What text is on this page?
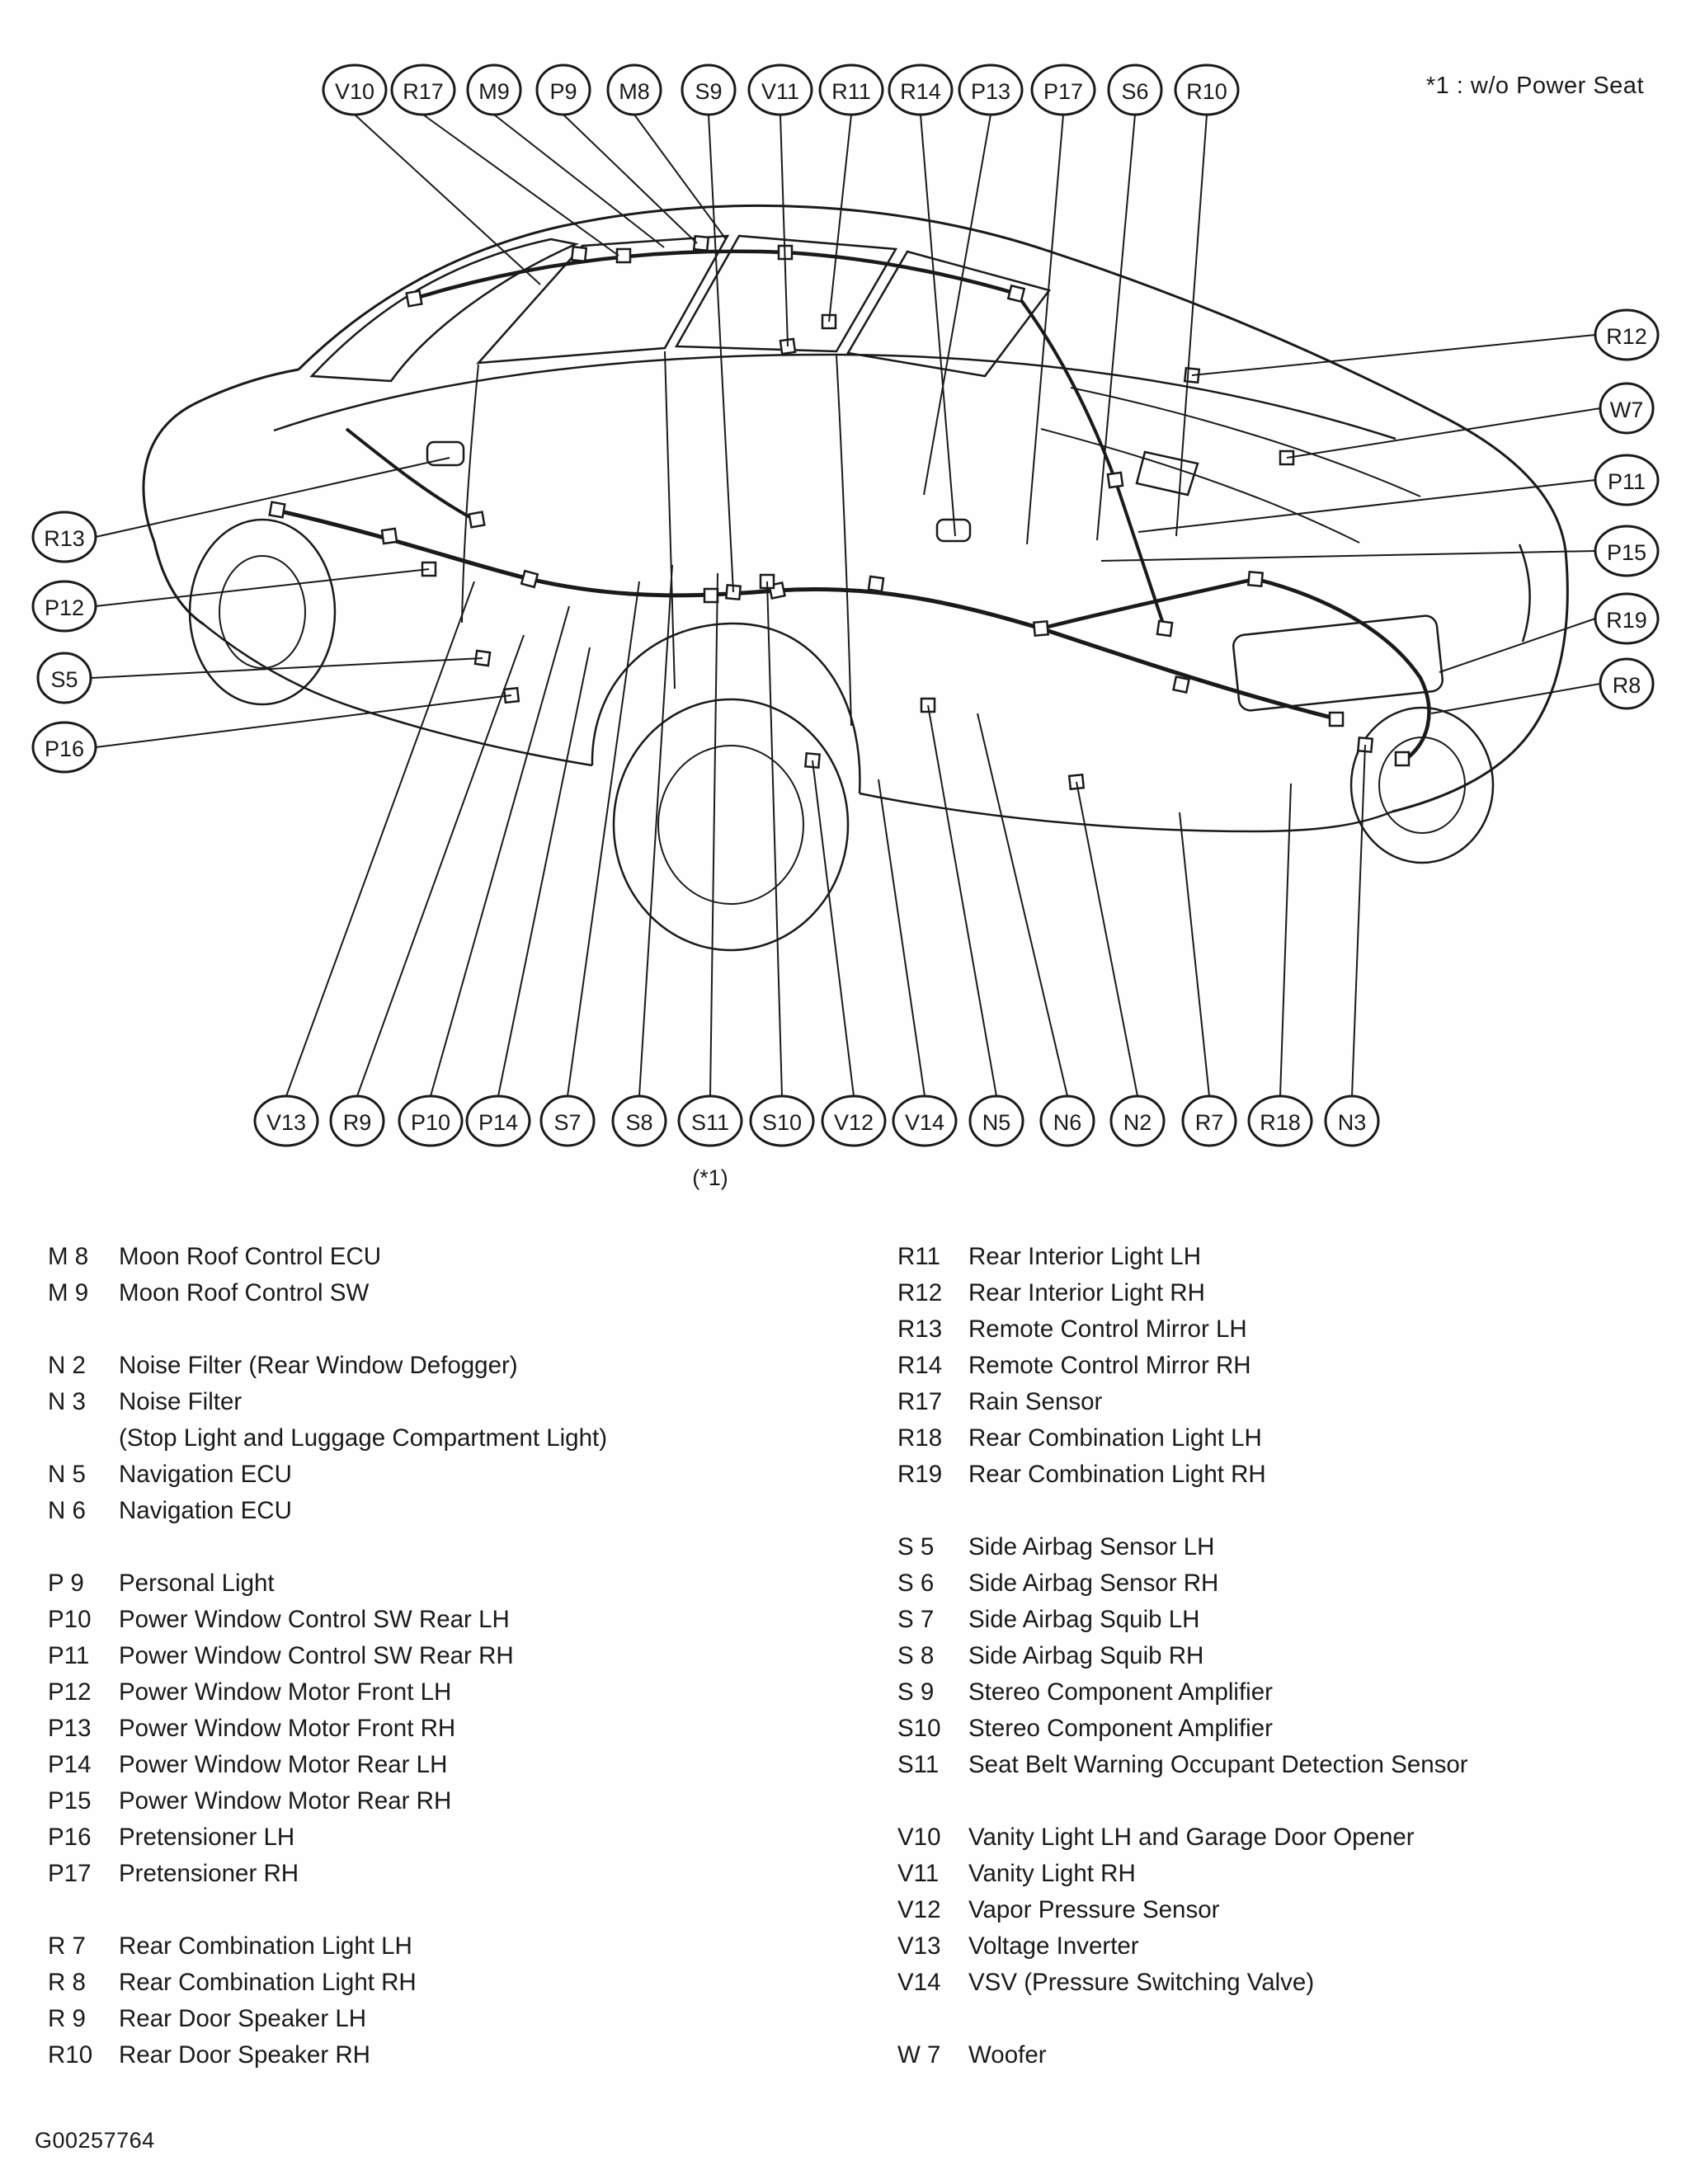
*1 : w/o Power Seat
V10 R17 M9 P9 M8 S9 V11 R11 R14 P13 P17 S6 R10
R12
W7
P11
P15
R19
R8
R13
P12
S5
P16
V13 R9 P10 P14 S7 S8 S11 S10 V12 V14 N5 N6 N2 R7 R18 N3
(*1)
M 8	Moon Roof Control ECU
M 9	Moon Roof Control SW
N 2	Noise Filter (Rear Window Defogger)
N 3	Noise Filter
(Stop Light and Luggage Compartment Light)
N 5	Navigation ECU
N 6	Navigation ECU
P 9	Personal Light
P10	Power Window Control SW Rear LH
P11	Power Window Control SW Rear RH
P12	Power Window Motor Front LH
P13	Power Window Motor Front RH
P14	Power Window Motor Rear LH
P15	Power Window Motor Rear RH
P16	Pretensioner LH
P17	Pretensioner RH
R 7	Rear Combination Light LH
R 8	Rear Combination Light RH
R 9	Rear Door Speaker LH
R10	Rear Door Speaker RH
R11	Rear Interior Light LH
R12	Rear Interior Light RH
R13	Remote Control Mirror LH
R14	Remote Control Mirror RH
R17	Rain Sensor
R18	Rear Combination Light LH
R19	Rear Combination Light RH
S 5	Side Airbag Sensor LH
S 6	Side Airbag Sensor RH
S 7	Side Airbag Squib LH
S 8	Side Airbag Squib RH
S 9	Stereo Component Amplifier
S10	Stereo Component Amplifier
S11	Seat Belt Warning Occupant Detection Sensor
V10	Vanity Light LH and Garage Door Opener
V11	Vanity Light RH
V12	Vapor Pressure Sensor
V13	Voltage Inverter
V14	VSV (Pressure Switching Valve)
W 7	Woofer
G00257764
